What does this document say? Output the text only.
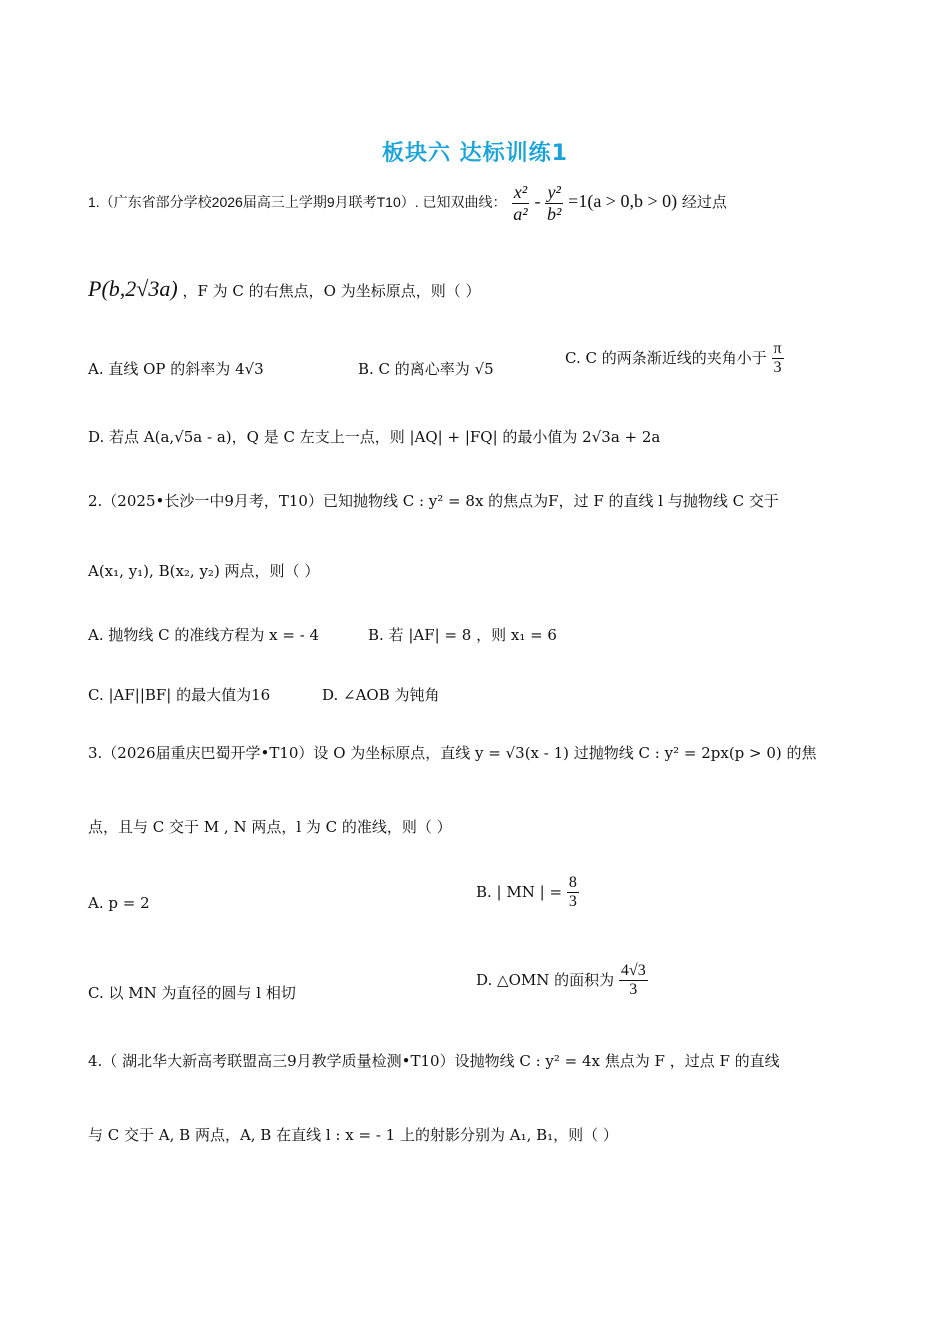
板块六 达标训练1
1.（广东省部分学校2026届高三上学期9月联考T10）. 已知双曲线： $\frac{\text{x²}}{\text{a²}} - \frac{\text{y²}}{\text{b²}} =1(a > 0,b > 0)$ 经过点
P(b,2√3a) ，F 为 C 的右焦点，O 为坐标原点，则（ ）
A. 直线 OP 的斜率为 4√3	B. C 的离心率为 √5
C. C 的两条渐近线的夹角小于 $\frac{\pi}{3}$
D. 若点 A(a,√5a - a)，Q 是 C 左支上一点，则 |AQ| + |FQ| 的最小值为 2√3a + 2a
2.（2025•长沙一中9月考，T10）已知抛物线 C : y² = 8x 的焦点为F，过 F 的直线 l 与抛物线 C 交于
A(x₁, y₁), B(x₂, y₂) 两点，则（ ）
A. 抛物线 C 的准线方程为 x = - 4	B. 若 |AF| = 8 ，则 x₁ = 6
C. |AF||BF| 的最大值为16	D. ∠AOB 为钝角
3.（2026届重庆巴蜀开学•T10）设 O 为坐标原点，直线 y = √3(x - 1) 过抛物线 C : y² = 2px(p > 0) 的焦
点，且与 C 交于 M , N 两点，l 为 C 的准线，则（ ）
A. p = 2
B. | MN | = $\frac{8}{3}$
C. 以 MN 为直径的圆与 l 相切
D. △OMN 的面积为 $\frac{4√3}{3}$
4.（ 湖北华大新高考联盟高三9月教学质量检测•T10）设抛物线 C : y² = 4x 焦点为 F ，过点 F 的直线
与 C 交于 A, B 两点，A, B 在直线 l : x = - 1 上的射影分别为 A₁, B₁，则（ ）
